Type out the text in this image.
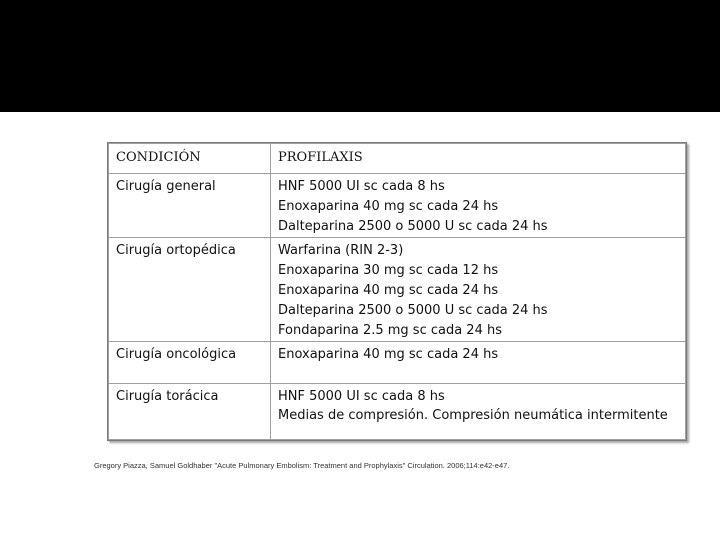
CONDICIÓN	PROFILAXIS
Cirugía general	HNF 5000 UI sc cada 8 hs
Enoxaparina 40 mg sc cada 24 hs
Dalteparina 2500 o 5000 U sc cada 24 hs

Cirugía ortopédica	Warfarina (RIN 2-3)
Enoxaparina 30 mg sc cada 12 hs
Enoxaparina 40 mg sc cada 24 hs
Dalteparina 2500 o 5000 U sc cada 24 hs
Fondaparina 2.5 mg sc cada 24 hs

Cirugía oncológica	Enoxaparina 40 mg sc cada 24 hs

Cirugía torácica	HNF 5000 UI sc cada 8 hs
Medias de compresión. Compresión neumática intermitente
Gregory Piazza, Samuel Goldhaber "Acute Pulmonary Embolism: Treatment and Prophylaxis" Circulation. 2006;114:e42-e47.
